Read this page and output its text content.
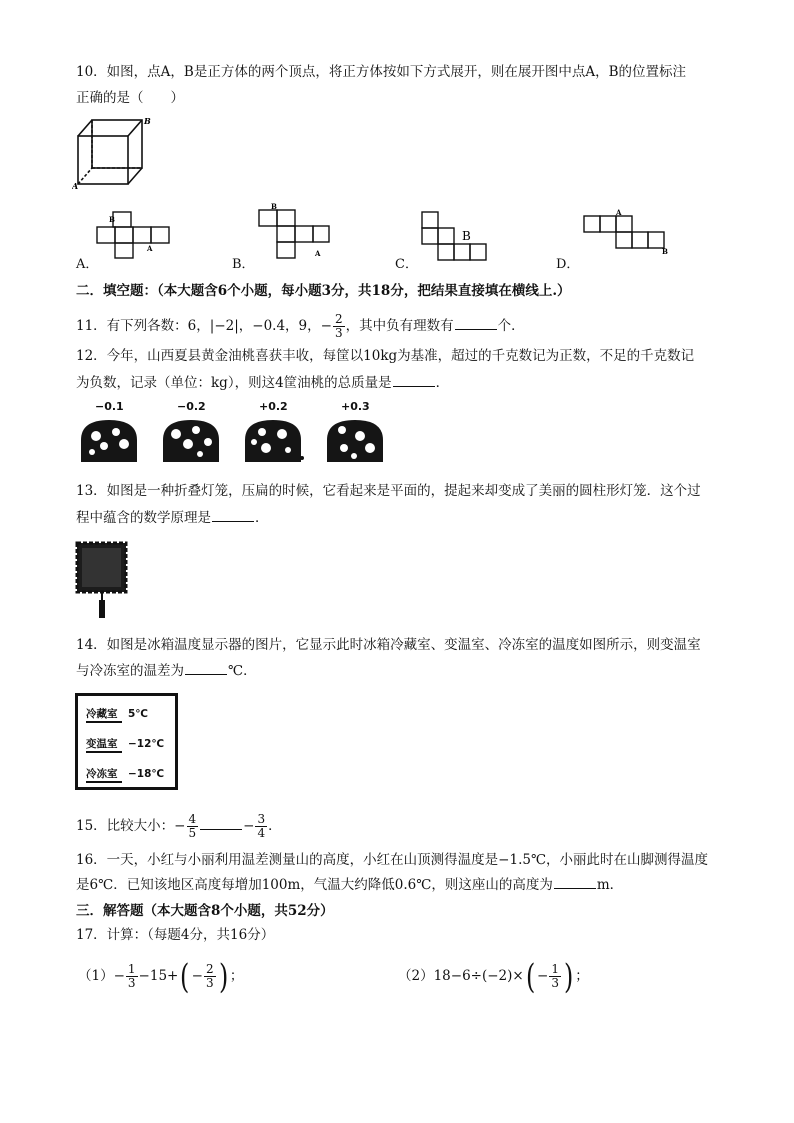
10．如图，点A，B是正方体的两个顶点，将正方体按如下方式展开，则在展开图中点A，B的位置标注
正确的是（　　）
B
A
B
A
A．
B
A
B．
B
C．
A
B
D．
二．填空题：（本大题含6个小题，每小题3分，共18分，把结果直接填在横线上.）
11．有下列各数：6，|−2|，−0.4，9，− $\frac{2}{3}$ ，其中负有理数有	个．
12．今年，山西夏县黄金油桃喜获丰收，每筐以10kg为基准，超过的千克数记为正数，不足的千克数记
为负数，记录（单位：kg），则这4筐油桃的总质量是	．
−0.1	−0.2	+0.2	+0.3
13．如图是一种折叠灯笼，压扁的时候，它看起来是平面的，提起来却变成了美丽的圆柱形灯笼．这个过
程中蕴含的数学原理是	．
14．如图是冰箱温度显示器的图片，它显示此时冰箱冷藏室、变温室、冷冻室的温度如图所示，则变温室
与冷冻室的温差为	℃．
冷藏室 5℃
变温室 −12℃
冷冻室 −18℃
15．比较大小：− $\frac{4}{5}$	− $\frac{3}{4}$ ．
16．一天，小红与小丽利用温差测量山的高度，小红在山顶测得温度是−1.5℃，小丽此时在山脚测得温度
是6℃．已知该地区高度每增加100m，气温大约降低0.6℃，则这座山的高度为	m．
三．解答题（本大题含8个小题，共52分）
17．计算：（每题4分，共16分）
$(1)- \frac{1}{3} -15+( - \frac{2}{3}$ ) ；	$(2)18-6\div(-2)\times( - \frac{1}{3}$ ) ；
